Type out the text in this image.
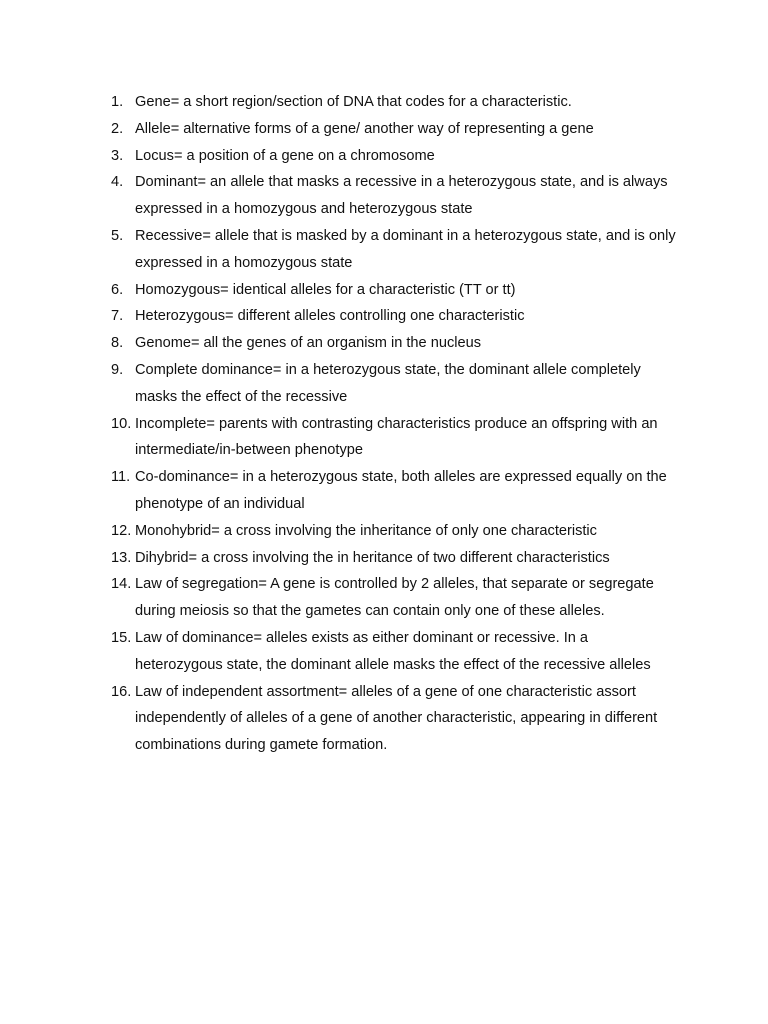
1. Gene= a short region/section of DNA that codes for a characteristic.
2. Allele= alternative forms of a gene/ another way of representing a gene
3. Locus= a position of a gene on a chromosome
4. Dominant= an allele that masks a recessive in a heterozygous state, and is always expressed in a homozygous and heterozygous state
5. Recessive= allele that is masked by a dominant in a heterozygous state, and is only expressed in a homozygous state
6. Homozygous= identical alleles for a characteristic (TT or tt)
7. Heterozygous= different alleles controlling one characteristic
8. Genome= all the genes of an organism in the nucleus
9. Complete dominance= in a heterozygous state, the dominant allele completely masks the effect of the recessive
10. Incomplete= parents with contrasting characteristics produce an offspring with an intermediate/in-between phenotype
11. Co-dominance= in a heterozygous state, both alleles are expressed equally on the phenotype of an individual
12. Monohybrid= a cross involving the inheritance of only one characteristic
13. Dihybrid= a cross involving the in heritance of two different characteristics
14. Law of segregation= A gene is controlled by 2 alleles, that separate or segregate during meiosis so that the gametes can contain only one of these alleles.
15. Law of dominance= alleles exists as either dominant or recessive. In a heterozygous state, the dominant allele masks the effect of the recessive alleles
16. Law of independent assortment= alleles of a gene of one characteristic assort independently of alleles of a gene of another characteristic, appearing in different combinations during gamete formation.
